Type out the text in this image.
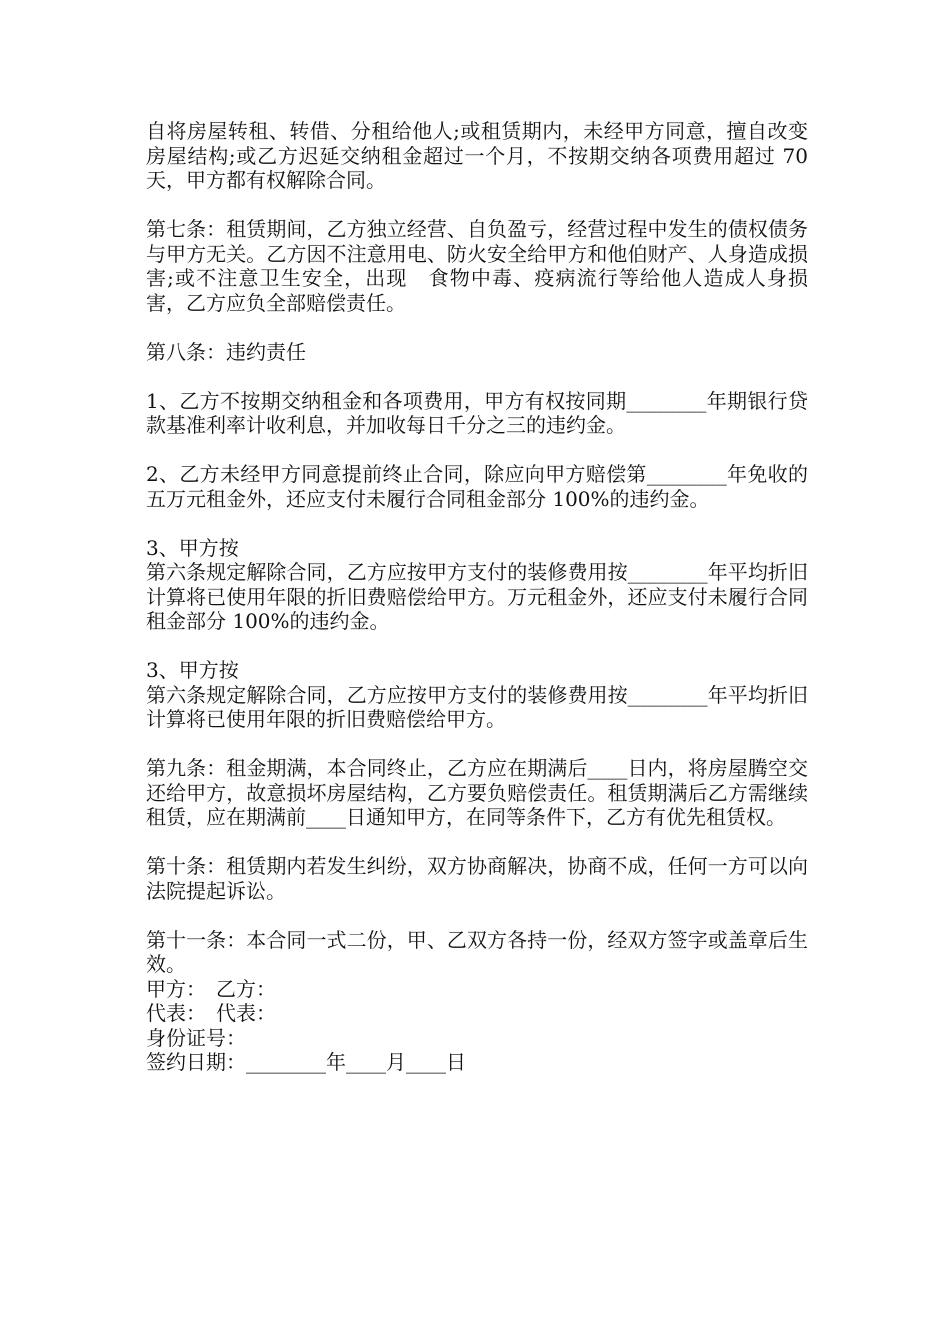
自将房屋转租、转借、分租给他人;或租赁期内，未经甲方同意，擅自改变房屋结构;或乙方迟延交纳租金超过一个月，不按期交纳各项费用超过 70 天，甲方都有权解除合同。

第七条：租赁期间，乙方独立经营、自负盈亏，经营过程中发生的债权债务与甲方无关。乙方因不注意用电、防火安全给甲方和他伯财产、人身造成损害;或不注意卫生安全，出现　食物中毒、疫病流行等给他人造成人身损害，乙方应负全部赔偿责任。

第八条：违约责任

1、乙方不按期交纳租金和各项费用，甲方有权按同期________年期银行贷款基准利率计收利息，并加收每日千分之三的违约金。

2、乙方未经甲方同意提前终止合同，除应向甲方赔偿第________年免收的五万元租金外，还应支付未履行合同租金部分 100%的违约金。

3、甲方按

第六条规定解除合同，乙方应按甲方支付的装修费用按________年平均折旧计算将已使用年限的折旧费赔偿给甲方。万元租金外，还应支付未履行合同租金部分 100%的违约金。

3、甲方按

第六条规定解除合同，乙方应按甲方支付的装修费用按________年平均折旧计算将已使用年限的折旧费赔偿给甲方。

第九条：租金期满，本合同终止，乙方应在期满后____日内，将房屋腾空交还给甲方，故意损坏房屋结构，乙方要负赔偿责任。租赁期满后乙方需继续租赁，应在期满前____日通知甲方，在同等条件下，乙方有优先租赁权。

第十条：租赁期内若发生纠纷，双方协商解决，协商不成，任何一方可以向法院提起诉讼。

第十一条：本合同一式二份，甲、乙双方各持一份，经双方签字或盖章后生效。

甲方：　乙方：

代表：　代表：

身份证号：

签约日期：________年____月____日
